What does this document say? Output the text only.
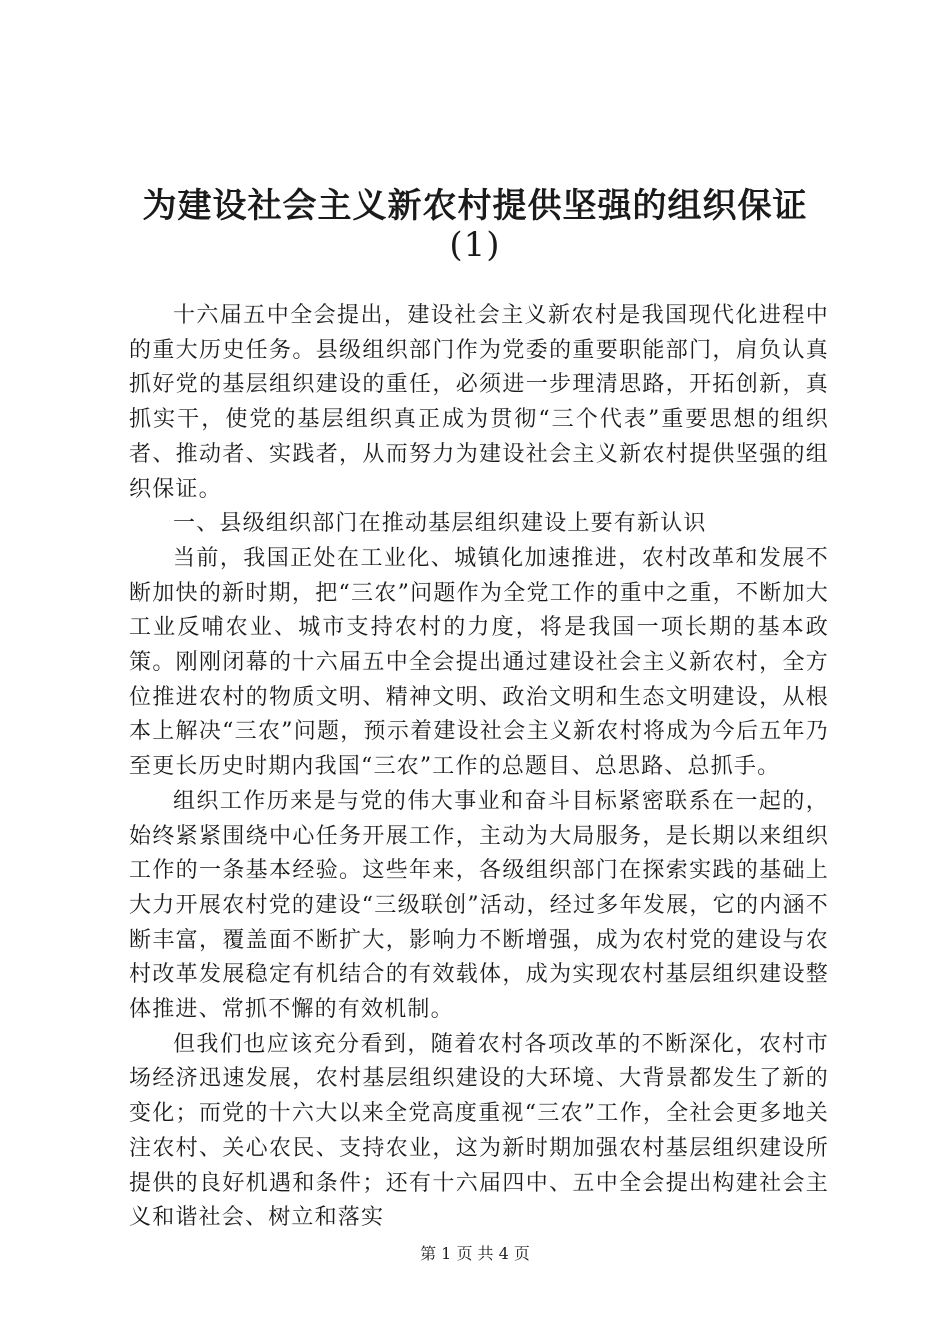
为建设社会主义新农村提供坚强的组织保证
(1)

十六届五中全会提出，建设社会主义新农村是我国现代化进程中的重大历史任务。县级组织部门作为党委的重要职能部门，肩负认真抓好党的基层组织建设的重任，必须进一步理清思路，开拓创新，真抓实干，使党的基层组织真正成为贯彻“三个代表”重要思想的组织者、推动者、实践者，从而努力为建设社会主义新农村提供坚强的组织保证。

一、县级组织部门在推动基层组织建设上要有新认识

当前，我国正处在工业化、城镇化加速推进，农村改革和发展不断加快的新时期，把“三农”问题作为全党工作的重中之重，不断加大工业反哺农业、城市支持农村的力度，将是我国一项长期的基本政策。刚刚闭幕的十六届五中全会提出通过建设社会主义新农村，全方位推进农村的物质文明、精神文明、政治文明和生态文明建设，从根本上解决“三农”问题，预示着建设社会主义新农村将成为今后五年乃至更长历史时期内我国“三农”工作的总题目、总思路、总抓手。

组织工作历来是与党的伟大事业和奋斗目标紧密联系在一起的，始终紧紧围绕中心任务开展工作，主动为大局服务，是长期以来组织工作的一条基本经验。这些年来，各级组织部门在探索实践的基础上大力开展农村党的建设“三级联创”活动，经过多年发展，它的内涵不断丰富，覆盖面不断扩大，影响力不断增强，成为农村党的建设与农村改革发展稳定有机结合的有效载体，成为实现农村基层组织建设整体推进、常抓不懈的有效机制。

但我们也应该充分看到，随着农村各项改革的不断深化，农村市场经济迅速发展，农村基层组织建设的大环境、大背景都发生了新的变化；而党的十六大以来全党高度重视“三农”工作，全社会更多地关注农村、关心农民、支持农业，这为新时期加强农村基层组织建设所提供的良好机遇和条件；还有十六届四中、五中全会提出构建社会主义和谐社会、树立和落实

第 1 页 共 4 页
